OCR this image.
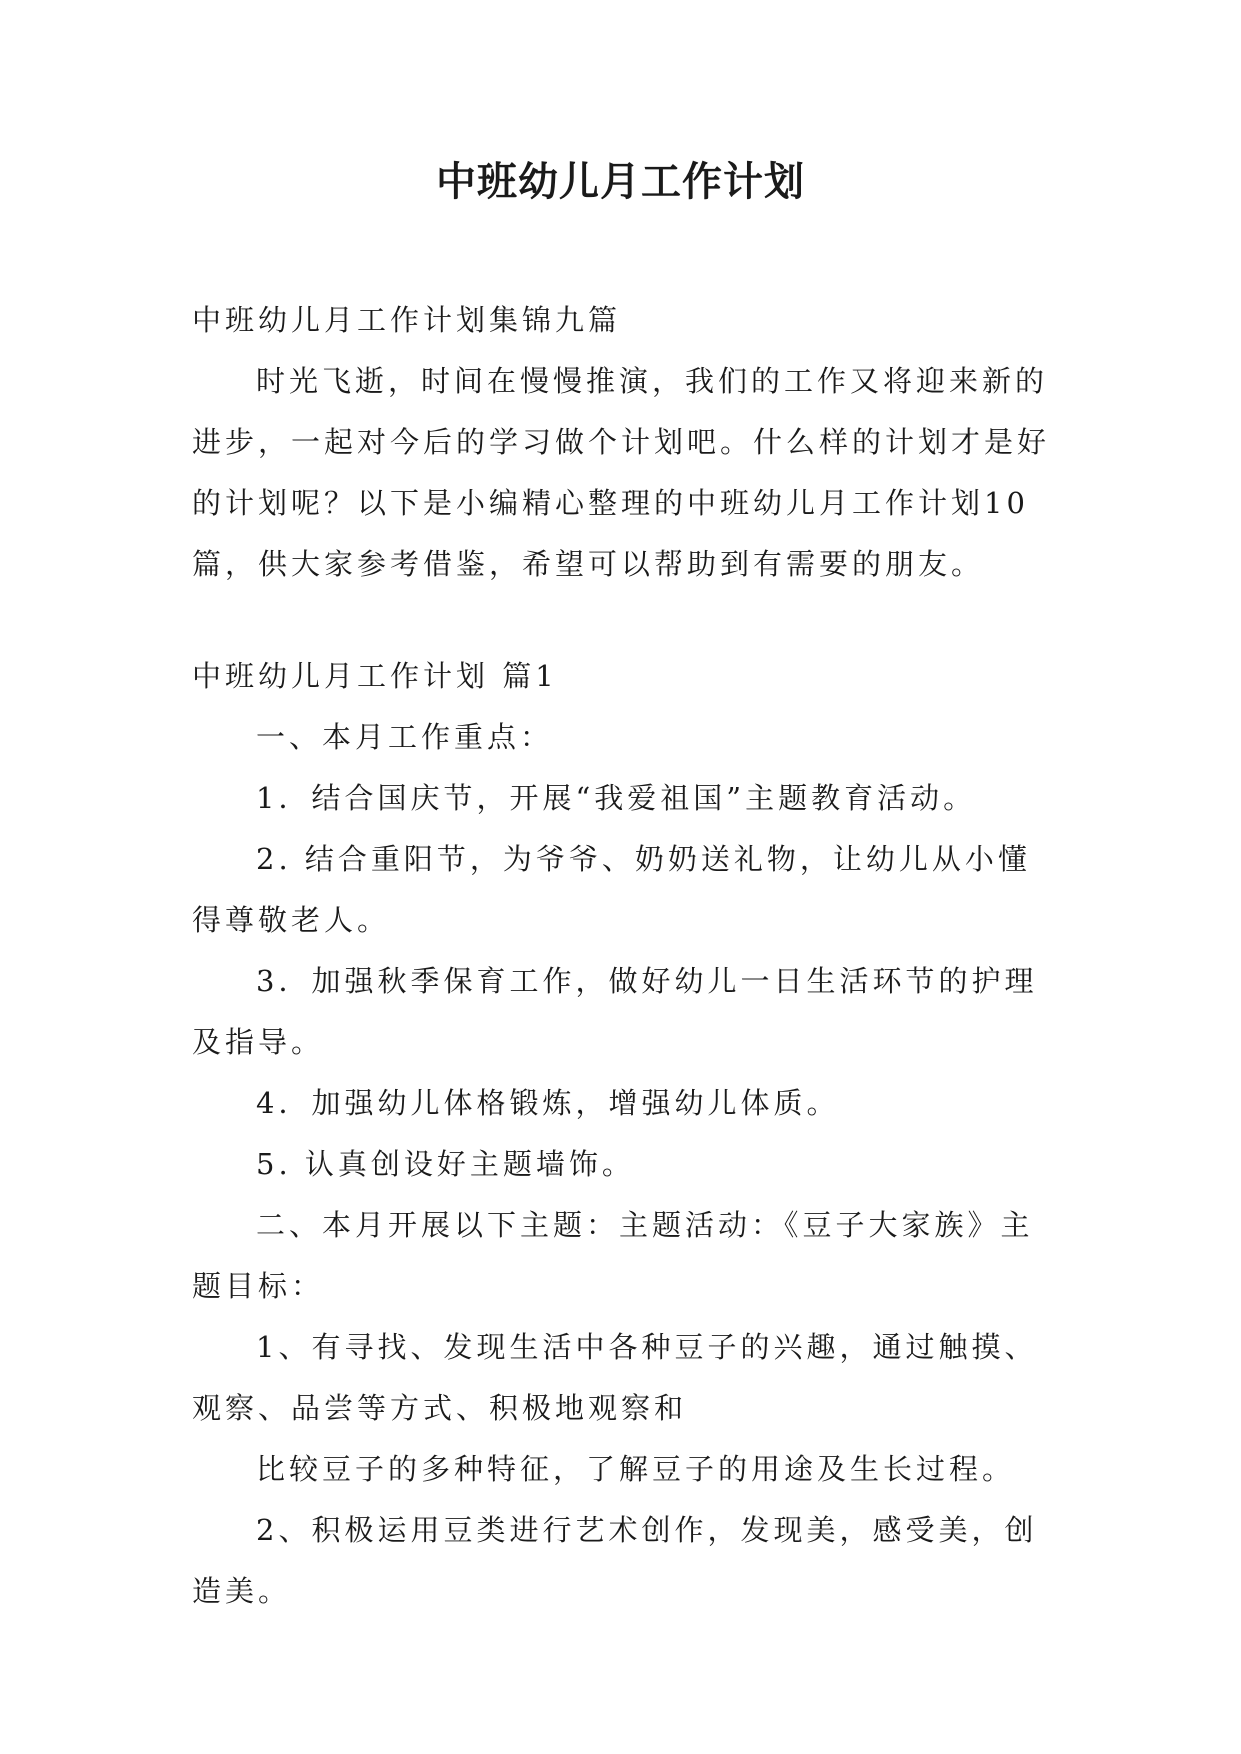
中班幼儿月工作计划

中班幼儿月工作计划集锦九篇

时光飞逝，时间在慢慢推演，我们的工作又将迎来新的进步，一起对今后的学习做个计划吧。什么样的计划才是好的计划呢？以下是小编精心整理的中班幼儿月工作计划10篇，供大家参考借鉴，希望可以帮助到有需要的朋友。

中班幼儿月工作计划 篇1

一、本月工作重点：

1．结合国庆节，开展“我爱祖国”主题教育活动。

2. 结合重阳节，为爷爷、奶奶送礼物，让幼儿从小懂得尊敬老人。

3．加强秋季保育工作，做好幼儿一日生活环节的护理及指导。

4．加强幼儿体格锻炼，增强幼儿体质。

5. 认真创设好主题墙饰。

二、本月开展以下主题：主题活动：《豆子大家族》主题目标：

1、有寻找、发现生活中各种豆子的兴趣，通过触摸、观察、品尝等方式、积极地观察和

比较豆子的多种特征，了解豆子的用途及生长过程。

2、积极运用豆类进行艺术创作，发现美，感受美，创造美。
